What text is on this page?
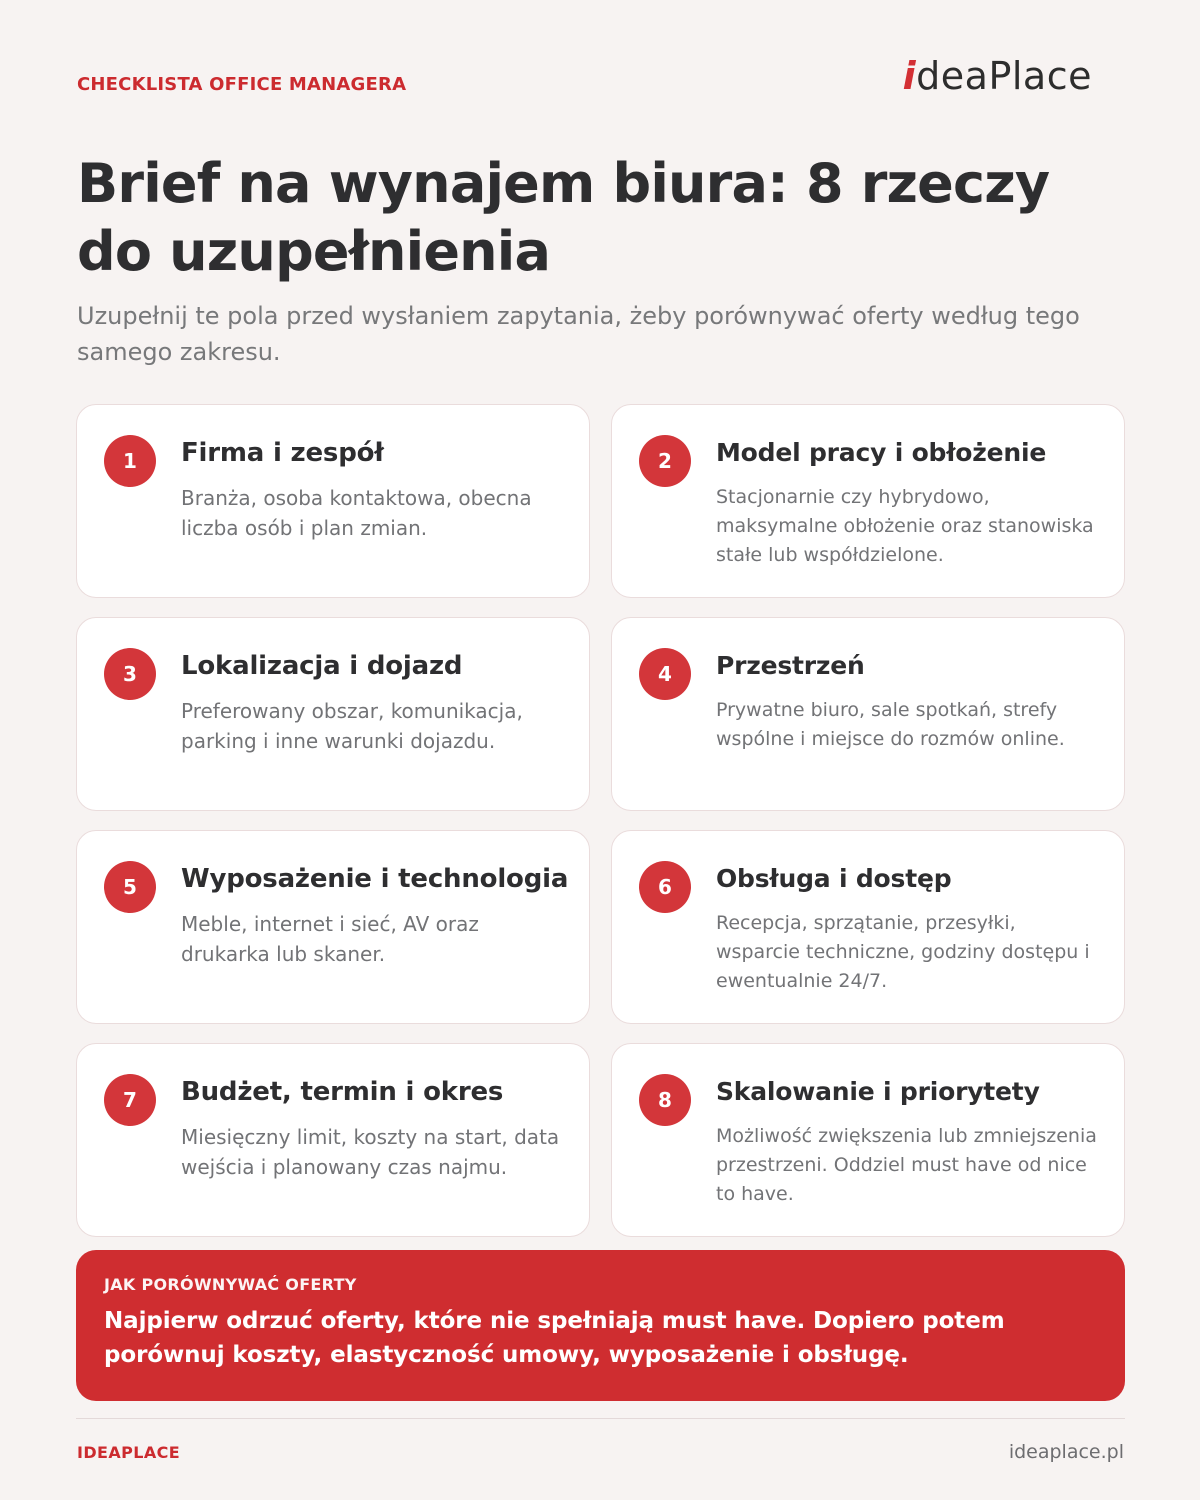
CHECKLISTA OFFICE MANAGERA	ideaPlace
Brief na wynajem biura: 8 rzeczy do uzupełnienia

Uzupełnij te pola przed wysłaniem zapytania, żeby porównywać oferty według tego samego zakresu.

1	Firma i zespół
Branża, osoba kontaktowa, obecna liczba osób i plan zmian.
2	Model pracy i obłożenie
Stacjonarnie czy hybrydowo, maksymalne obłożenie oraz stanowiska stałe lub współdzielone.
3	Lokalizacja i dojazd
Preferowany obszar, komunikacja, parking i inne warunki dojazdu.
4	Przestrzeń
Prywatne biuro, sale spotkań, strefy wspólne i miejsce do rozmów online.
5	Wyposażenie i technologia
Meble, internet i sieć, AV oraz drukarka lub skaner.
6	Obsługa i dostęp
Recepcja, sprzątanie, przesyłki, wsparcie techniczne, godziny dostępu i ewentualnie 24/7.
7	Budżet, termin i okres
Miesięczny limit, koszty na start, data wejścia i planowany czas najmu.
8	Skalowanie i priorytety
Możliwość zwiększenia lub zmniejszenia przestrzeni. Oddziel must have od nice to have.
JAK PORÓWNYWAĆ OFERTY
Najpierw odrzuć oferty, które nie spełniają must have. Dopiero potem porównuj koszty, elastyczność umowy, wyposażenie i obsługę.
IDEAPLACE	ideaplace.pl
